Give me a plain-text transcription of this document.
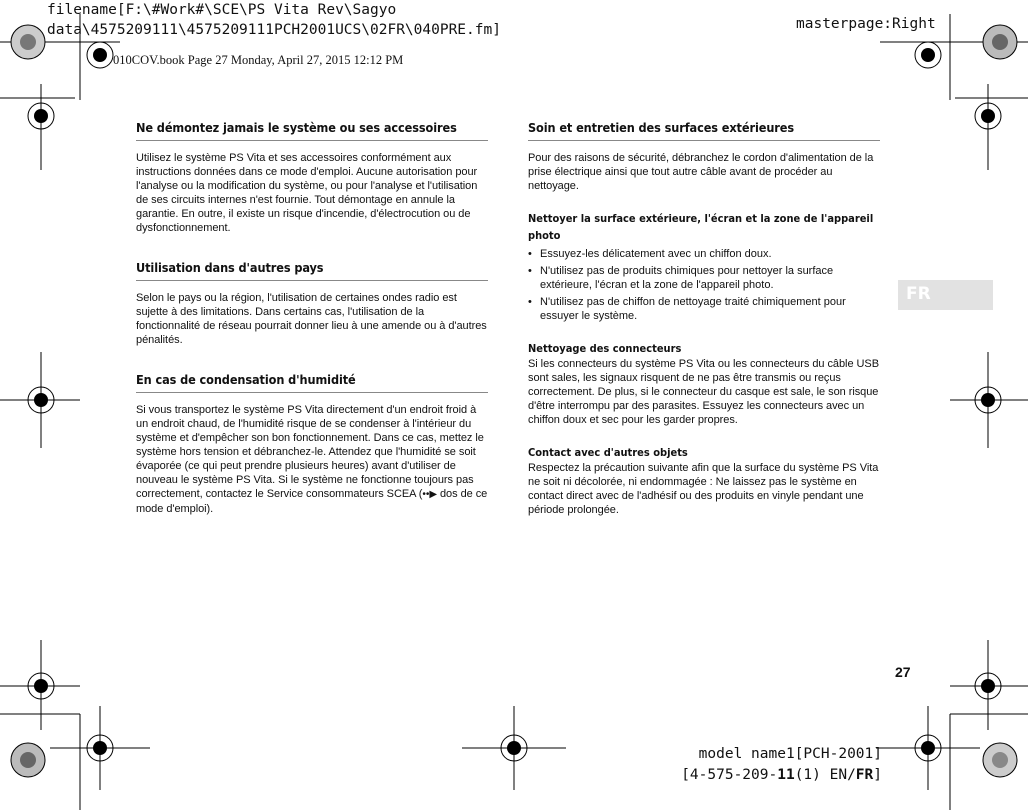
filename[F:\#Work#\SCE\PS Vita Rev\Sagyo
data\4575209111\4575209111PCH2001UCS\02FR\040PRE.fm]	masterpage:Right
010COV.book Page 27 Monday, April 27, 2015 12:12 PM
Ne démontez jamais le système ou ses accessoires

Utilisez le système PS Vita et ses accessoires conformément aux instructions données dans ce mode d'emploi. Aucune autorisation pour l'analyse ou la modification du système, ou pour l'analyse et l'utilisation de ses circuits internes n'est fournie. Tout démontage en annule la garantie. En outre, il existe un risque d'incendie, d'électrocution ou de dysfonctionnement.

Utilisation dans d'autres pays

Selon le pays ou la région, l'utilisation de certaines ondes radio est sujette à des limitations. Dans certains cas, l'utilisation de la fonctionnalité de réseau pourrait donner lieu à une amende ou à d'autres pénalités.

En cas de condensation d'humidité

Si vous transportez le système PS Vita directement d'un endroit froid à un endroit chaud, de l'humidité risque de se condenser à l'intérieur du système et d'empêcher son bon fonctionnement. Dans ce cas, mettez le système hors tension et débranchez-le. Attendez que l'humidité se soit évaporée (ce qui peut prendre plusieurs heures) avant d'utiliser de nouveau le système PS Vita. Si le système ne fonctionne toujours pas correctement, contactez le Service consommateurs SCEA (••▶ dos de ce mode d'emploi).

Soin et entretien des surfaces extérieures

Pour des raisons de sécurité, débranchez le cordon d'alimentation de la prise électrique ainsi que tout autre câble avant de procéder au nettoyage.

Nettoyer la surface extérieure, l'écran et la zone de l'appareil photo

• Essuyez-les délicatement avec un chiffon doux.
• N'utilisez pas de produits chimiques pour nettoyer la surface extérieure, l'écran et la zone de l'appareil photo.
• N'utilisez pas de chiffon de nettoyage traité chimiquement pour essuyer le système.

Nettoyage des connecteurs

Si les connecteurs du système PS Vita ou les connecteurs du câble USB sont sales, les signaux risquent de ne pas être transmis ou reçus correctement. De plus, si le connecteur du casque est sale, le son risque d'être interrompu par des parasites. Essuyez les connecteurs avec un chiffon doux et sec pour les garder propres.

Contact avec d'autres objets

Respectez la précaution suivante afin que la surface du système PS Vita ne soit ni décolorée, ni endommagée : Ne laissez pas le système en contact direct avec de l'adhésif ou des produits en vinyle pendant une période prolongée.

FR
27
model name1[PCH-2001]
[4-575-209-11(1) EN/FR]
